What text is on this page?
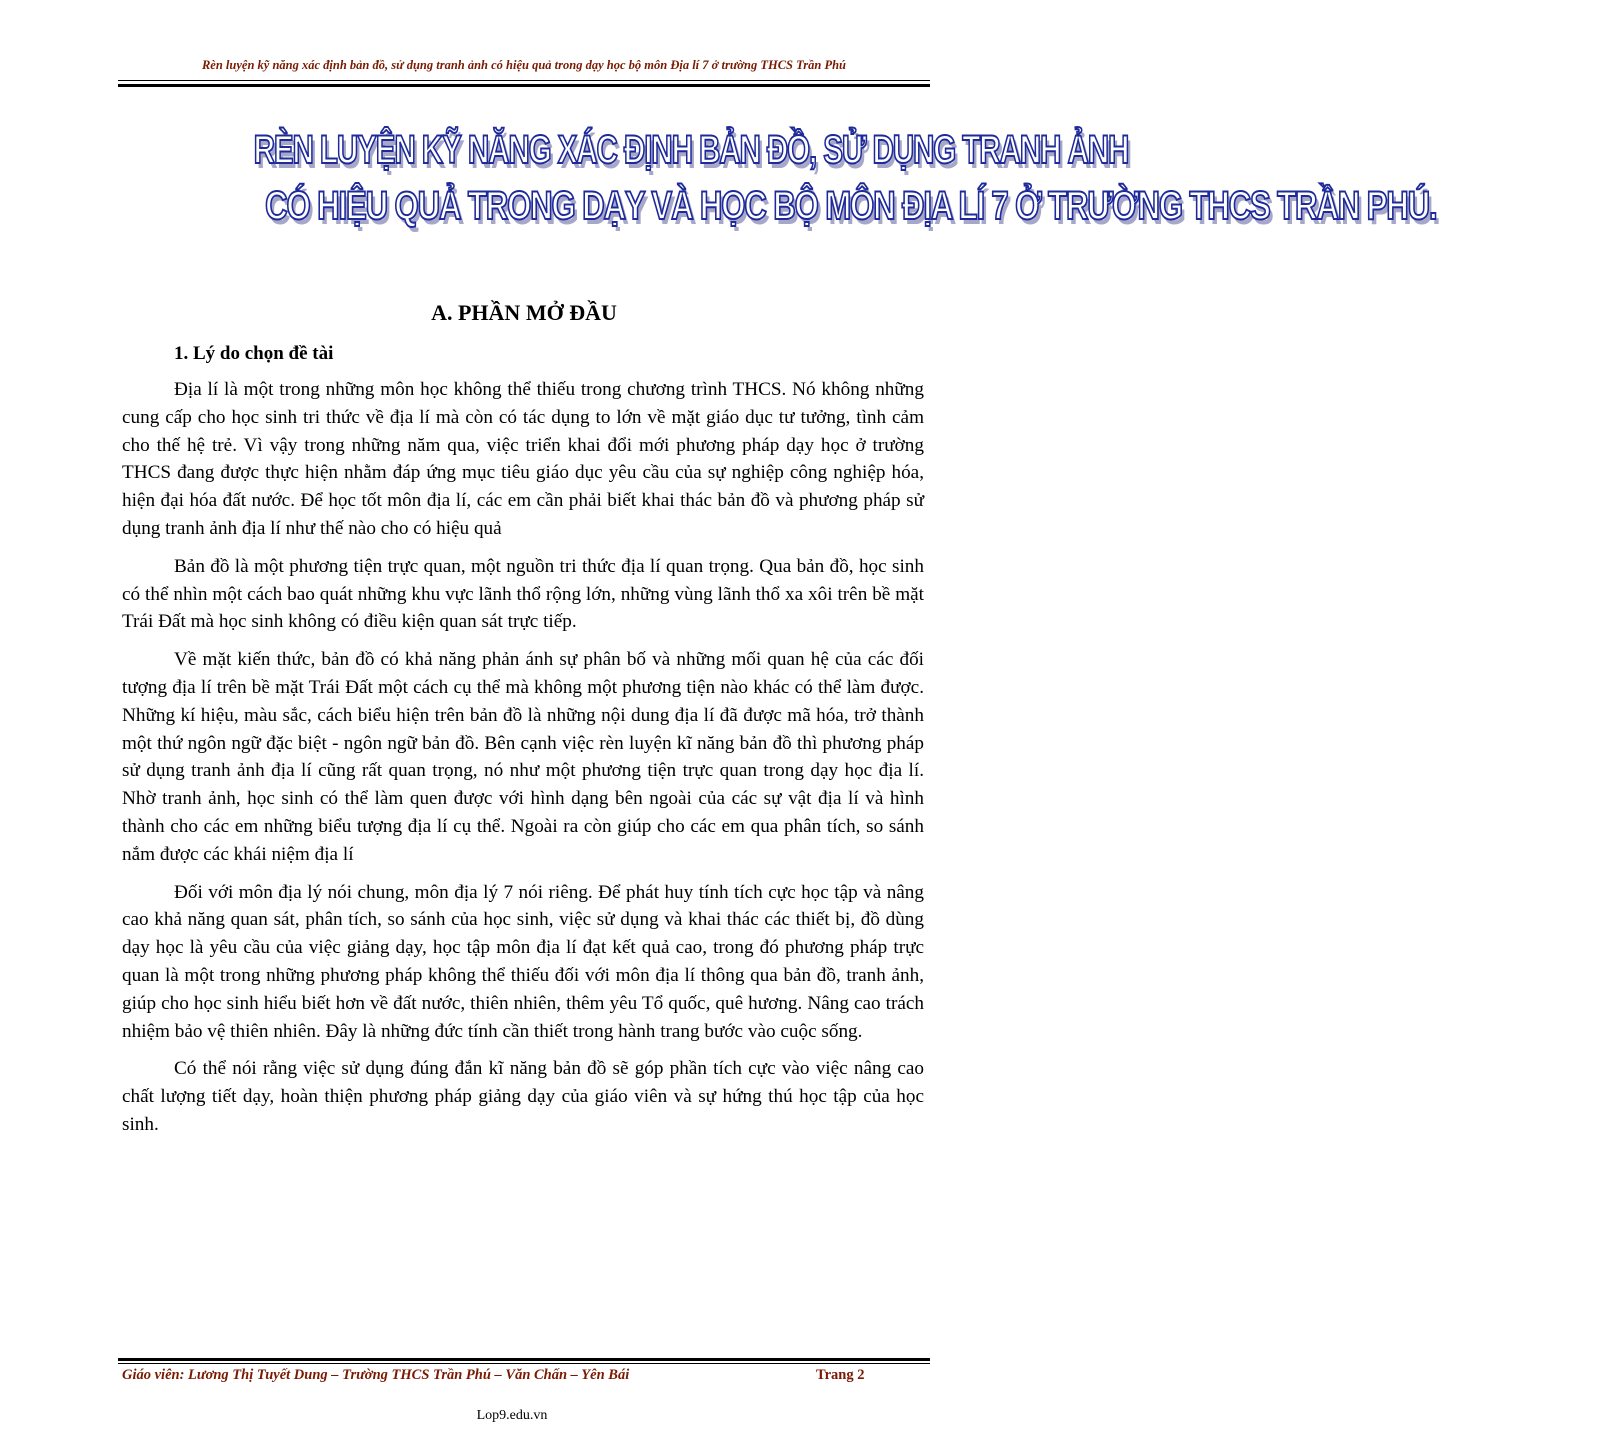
Rèn luyện kỹ năng xác định bản đồ, sử dụng tranh ảnh có hiệu quả trong dạy học bộ môn Địa lí 7 ở trường THCS Trần Phú
RÈN LUYỆN KỸ NĂNG XÁC ĐỊNH BẢN ĐỒ, SỬ DỤNG TRANH ẢNH
CÓ HIỆU QUẢ TRONG DẠY VÀ HỌC BỘ MÔN ĐỊA LÍ 7 Ở TRƯỜNG THCS TRẦN PHÚ.
A. PHẦN MỞ ĐẦU
1. Lý do chọn đề tài

Địa lí là một trong những môn học không thể thiếu trong chương trình THCS. Nó không những cung cấp cho học sinh tri thức về địa lí mà còn có tác dụng to lớn về mặt giáo dục tư tưởng, tình cảm cho thế hệ trẻ. Vì vậy trong những năm qua, việc triển khai đổi mới phương pháp dạy học ở trường THCS đang được thực hiện nhằm đáp ứng mục tiêu giáo dục yêu cầu của sự nghiệp công nghiệp hóa, hiện đại hóa đất nước. Để học tốt môn địa lí, các em cần phải biết khai thác bản đồ và phương pháp sử dụng tranh ảnh địa lí như thế nào cho có hiệu quả

Bản đồ là một phương tiện trực quan, một nguồn tri thức địa lí quan trọng. Qua bản đồ, học sinh có thể nhìn một cách bao quát những khu vực lãnh thổ rộng lớn, những vùng lãnh thổ xa xôi trên bề mặt Trái Đất mà học sinh không có điều kiện quan sát trực tiếp.

Về mặt kiến thức, bản đồ có khả năng phản ánh sự phân bố và những mối quan hệ của các đối tượng địa lí trên bề mặt Trái Đất một cách cụ thể mà không một phương tiện nào khác có thể làm được. Những kí hiệu, màu sắc, cách biểu hiện trên bản đồ là những nội dung địa lí đã được mã hóa, trở thành một thứ ngôn ngữ đặc biệt - ngôn ngữ bản đồ. Bên cạnh việc rèn luyện kĩ năng bản đồ thì phương pháp sử dụng tranh ảnh địa lí cũng rất quan trọng, nó như một phương tiện trực quan trong dạy học địa lí. Nhờ tranh ảnh, học sinh có thể làm quen được với hình dạng bên ngoài của các sự vật địa lí và hình thành cho các em những biểu tượng địa lí cụ thể. Ngoài ra còn giúp cho các em qua phân tích, so sánh nắm được các khái niệm địa lí

Đối với môn địa lý nói chung, môn địa lý 7 nói riêng. Để phát huy tính tích cực học tập và nâng cao khả năng quan sát, phân tích, so sánh của học sinh, việc sử dụng và khai thác các thiết bị, đồ dùng dạy học là yêu cầu của việc giảng dạy, học tập môn địa lí đạt kết quả cao, trong đó phương pháp trực quan là một trong những phương pháp không thể thiếu đối với môn địa lí thông qua bản đồ, tranh ảnh, giúp cho học sinh hiểu biết hơn về đất nước, thiên nhiên, thêm yêu Tổ quốc, quê hương. Nâng cao trách nhiệm bảo vệ thiên nhiên. Đây là những đức tính cần thiết trong hành trang bước vào cuộc sống.

Có thể nói rằng việc sử dụng đúng đắn kĩ năng bản đồ sẽ góp phần tích cực vào việc nâng cao chất lượng tiết dạy, hoàn thiện phương pháp giảng dạy của giáo viên và sự hứng thú học tập của học sinh.

Giáo viên: Lương Thị Tuyết Dung – Trường THCS Trần Phú – Văn Chấn – Yên Bái	Trang 2
Lop9.edu.vn
